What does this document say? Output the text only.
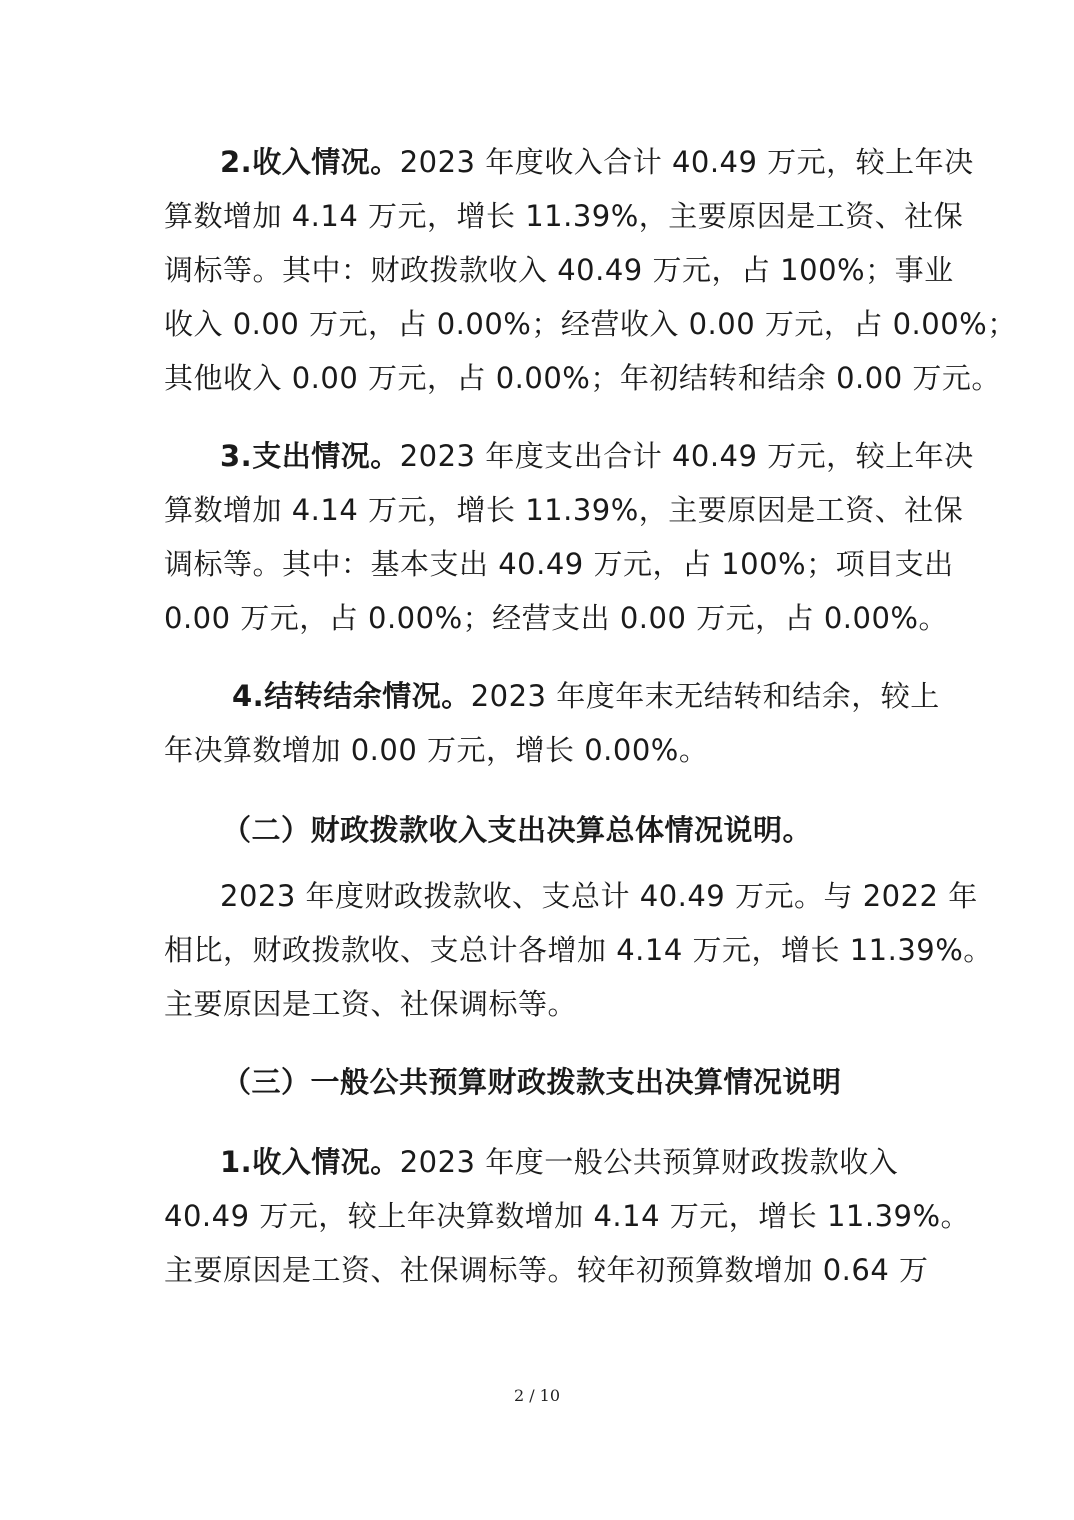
2.收入情况。2023 年度收入合计 40.49 万元，较上年决
算数增加 4.14 万元，增长 11.39%，主要原因是工资、社保
调标等。其中：财政拨款收入 40.49 万元，占 100%；事业
收入 0.00 万元，占 0.00%；经营收入 0.00 万元，占 0.00%；
其他收入 0.00 万元，占 0.00%；年初结转和结余 0.00 万元。
3.支出情况。2023 年度支出合计 40.49 万元，较上年决
算数增加 4.14 万元，增长 11.39%，主要原因是工资、社保
调标等。其中：基本支出 40.49 万元，占 100%；项目支出
0.00 万元，占 0.00%；经营支出 0.00 万元，占 0.00%。
4.结转结余情况。2023 年度年末无结转和结余，较上
年决算数增加 0.00 万元，增长 0.00%。
（二）财政拨款收入支出决算总体情况说明。
2023 年度财政拨款收、支总计 40.49 万元。与 2022 年
相比，财政拨款收、支总计各增加 4.14 万元，增长 11.39%。
主要原因是工资、社保调标等。
（三）一般公共预算财政拨款支出决算情况说明
1.收入情况。2023 年度一般公共预算财政拨款收入
40.49 万元，较上年决算数增加 4.14 万元，增长 11.39%。
主要原因是工资、社保调标等。较年初预算数增加 0.64 万
2 / 10
